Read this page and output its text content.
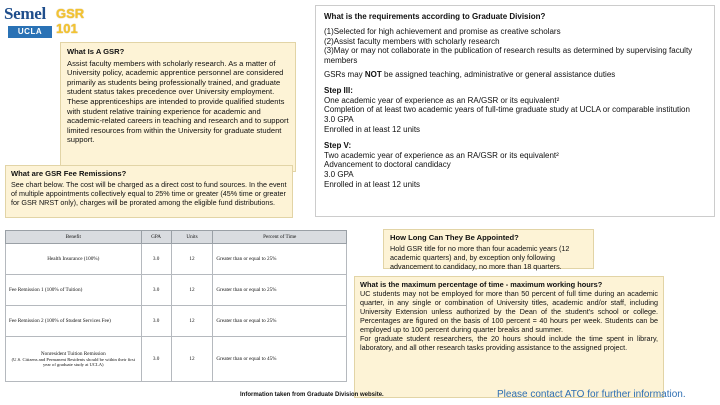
Semel
UCLA
GSR 101
What Is A GSR?

Assist faculty members with scholarly research. As a matter of University policy, academic apprentice personnel are considered primarily as students being professionally trained, and graduate student status takes precedence over University employment. These apprenticeships are intended to provide qualified students with student relative training experience for academic and academic-related careers in teaching and research and to support limited resources from within the University for graduate student support.

What are GSR Fee Remissions?

See chart below. The cost will be charged as a direct cost to fund sources. In the event of multiple appointments collectively equal to 25% time or greater (45% time or greater for GSR NRST only), charges will be prorated among the eligible fund distributions.

What is the requirements according to Graduate Division?
(1)Selected for high achievement and promise as creative scholars
(2)Assist faculty members with scholarly research
(3)May or may not collaborate in the publication of research results as determined by supervising faculty members
GSRs may NOT be assigned teaching, administrative or general assistance duties
Step III:
One academic year of experience as an RA/GSR or its equivalent²
Completion of at least two academic years of full-time graduate study at UCLA or comparable institution
3.0 GPA
Enrolled in at least 12 units
Step V:
Two academic year of experience as an RA/GSR or its equivalent²
Advancement to doctoral candidacy
3.0 GPA
Enrolled in at least 12 units
Benefit	GPA	Units	Percent of Time
Health Insurance (100%)	3.0	12	Greater than or equal to 25%
Fee Remission 1 (100% of Tuition)	3.0	12	Greater than or equal to 25%
Fee Remission 2 (100% of Student Services Fee)	3.0	12	Greater than or equal to 25%
Nonresident Tuition Remission
(U.S. Citizens and Permanent Residents should be within their first year of graduate study at UCLA)	3.0	12	Greater than or equal to 45%
How Long Can They Be Appointed?

Hold GSR title for no more than four academic years (12 academic quarters) and, by exception only following advancement to candidacy, no more than 18 quarters.

What is the maximum percentage of time - maximum working hours?

UC students may not be employed for more than 50 percent of full time during an academic quarter, in any single or combination of University titles, academic and/or staff, including University Extension unless authorized by the Dean of the student's school or college. Percentages are figured on the basis of 100 percent = 40 hours per week. Students can be employed up to 100 percent during quarter breaks and summer.

For graduate student researchers, the 20 hours should include the time spent in library, laboratory, and all other research tasks providing assistance to the assigned project.

Information taken from Graduate Division website.	Please contact ATO for further information.
